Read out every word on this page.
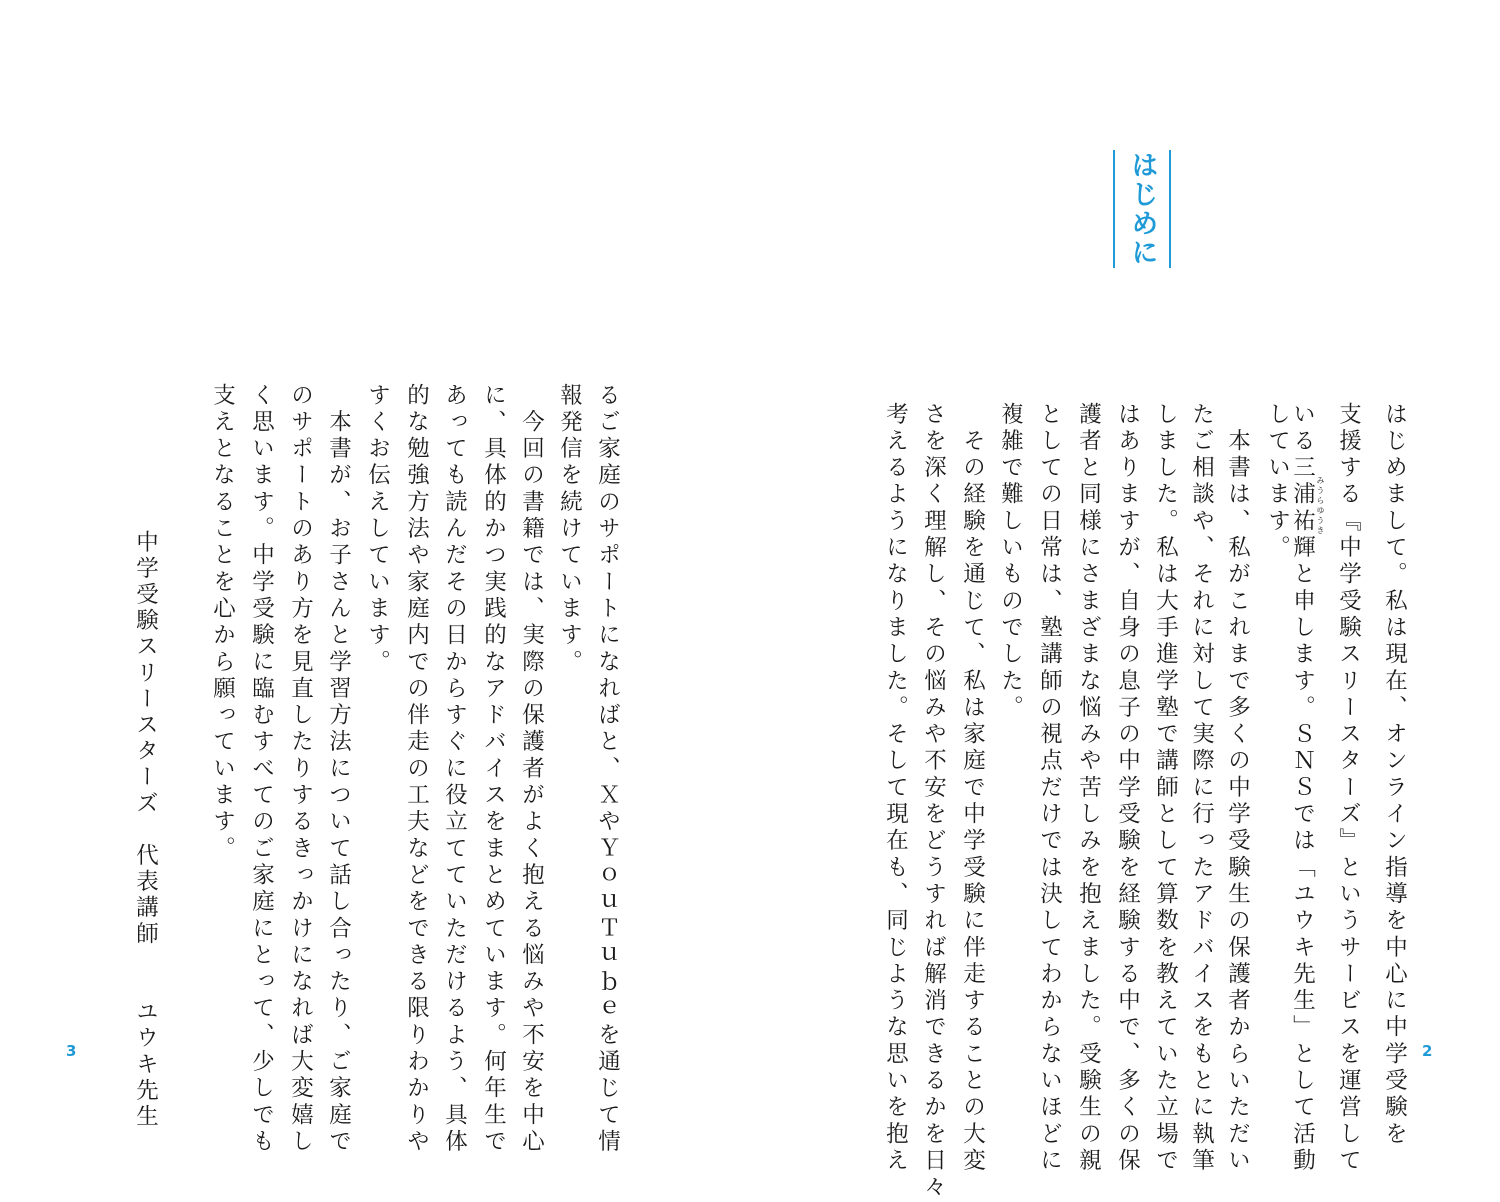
はじめに
みうらゆうき	はじめまして。私は現在、オンライン指導を中心に中学受験を
支援する『中学受験スリースターズ』というサービスを運営して
いる三浦祐輝と申します。ＳＮＳでは「ユウキ先生」として活動
しています。
　本書は、私がこれまで多くの中学受験生の保護者からいただい
たご相談や、それに対して実際に行ったアドバイスをもとに執筆
しました。私は大手進学塾で講師として算数を教えていた立場で
はありますが、自身の息子の中学受験を経験する中で、多くの保
護者と同様にさまざまな悩みや苦しみを抱えました。受験生の親
としての日常は、塾講師の視点だけでは決してわからないほどに
複雑で難しいものでした。
　その経験を通じて、私は家庭で中学受験に伴走することの大変
さを深く理解し、その悩みや不安をどうすれば解消できるかを日々
考えるようになりました。そして現在も、同じような思いを抱え	2
るご家庭のサポートになればと、ＸやＹｏｕＴｕｂｅを通じて情
報発信を続けています。
　今回の書籍では、実際の保護者がよく抱える悩みや不安を中心
に、具体的かつ実践的なアドバイスをまとめています。何年生で
あっても読んだその日からすぐに役立てていただけるよう、具体
的な勉強方法や家庭内での伴走の工夫などをできる限りわかりや
すくお伝えしています。
　本書が、お子さんと学習方法について話し合ったり、ご家庭で
のサポートのあり方を見直したりするきっかけになれば大変嬉し
く思います。中学受験に臨むすべてのご家庭にとって、少しでも
支えとなることを心から願っています。
中学受験スリースターズ　代表講師　　ユウキ先生
3
